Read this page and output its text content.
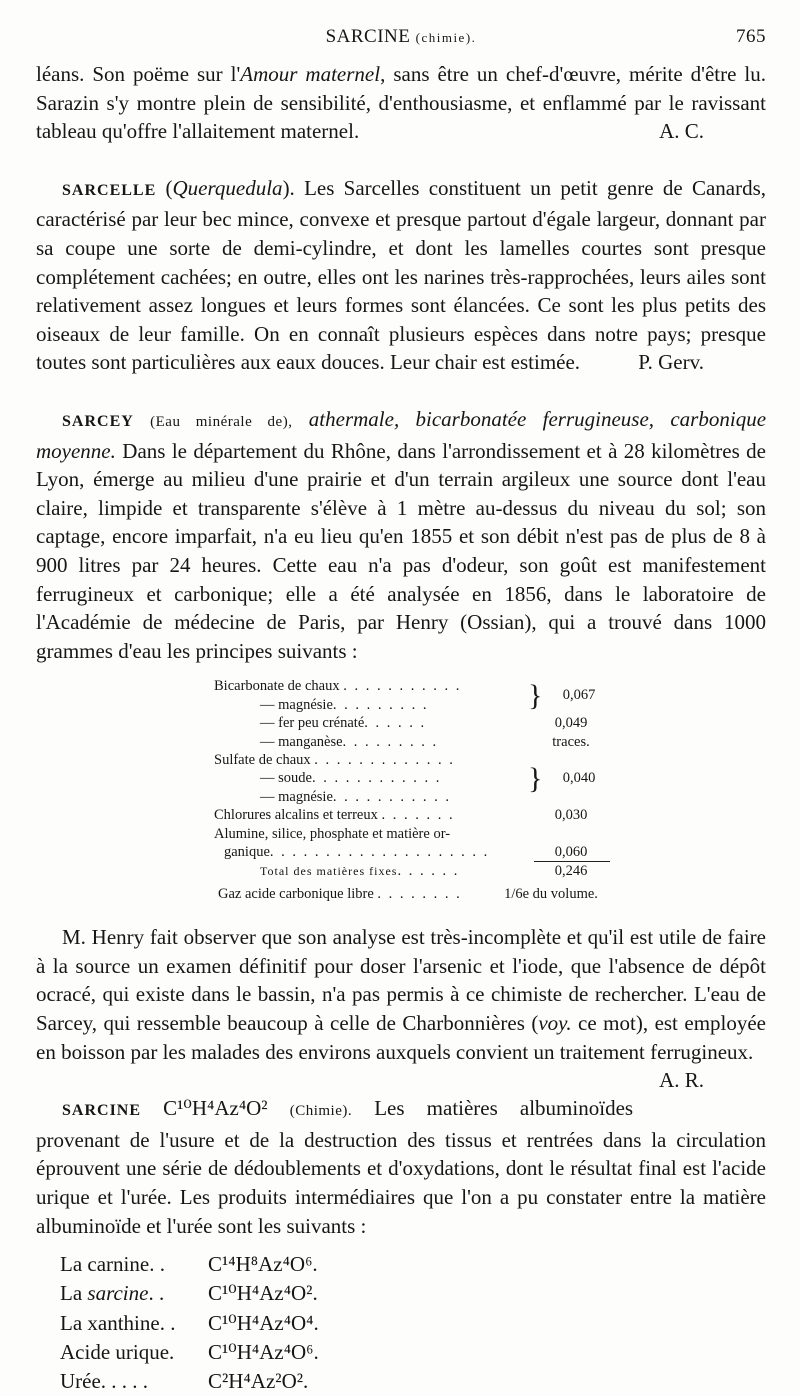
SARCINE (chimie).	765

léans. Son poëme sur l'Amour maternel, sans être un chef-d'œuvre, mérite d'être lu. Sarazin s'y montre plein de sensibilité, d'enthousiasme, et enflammé par le ravissant tableau qu'offre l'allaitement maternel.	A. C.

SARCELLE (Querquedula). Les Sarcelles constituent un petit genre de Canards, caractérisé par leur bec mince, convexe et presque partout d'égale largeur, donnant par sa coupe une sorte de demi-cylindre, et dont les lamelles courtes sont presque complétement cachées; en outre, elles ont les narines très-rapprochées, leurs ailes sont relativement assez longues et leurs formes sont élancées. Ce sont les plus petits des oiseaux de leur famille. On en connaît plusieurs espèces dans notre pays; presque toutes sont particulières aux eaux douces. Leur chair est estimée.	P. Gerv.

SARCEY (Eau minérale de), athermale, bicarbonatée ferrugineuse, carbonique moyenne. Dans le département du Rhône, dans l'arrondissement et à 28 kilomètres de Lyon, émerge au milieu d'une prairie et d'un terrain argileux une source dont l'eau claire, limpide et transparente s'élève à 1 mètre au-dessus du niveau du sol; son captage, encore imparfait, n'a eu lieu qu'en 1855 et son débit n'est pas de plus de 8 à 900 litres par 24 heures. Cette eau n'a pas d'odeur, son goût est manifestement ferrugineux et carbonique; elle a été analysée en 1856, dans le laboratoire de l'Académie de médecine de Paris, par Henry (Ossian), qui a trouvé dans 1000 grammes d'eau les principes suivants :

Bicarbonate de chaux . . . . . . . . . . .
— magnésie. . . . . . . . .	}	0,067
— fer peu crénaté. . . . . .	0,049
— manganèse. . . . . . . . .	traces.
Sulfate de chaux . . . . . . . . . . . . .
— soude. . . . . . . . . . . .
— magnésie. . . . . . . . . . .
}	0,040
Chlorures alcalins et terreux . . . . . . .	0,030
Alumine, silice, phosphate et matière or-
ganique. . . . . . . . . . . . . . . . . . . .	0,060
Total des matières fixes. . . . . .	0,246
Gaz acide carbonique libre . . . . . . . .	1/6e du volume.

M. Henry fait observer que son analyse est très-incomplète et qu'il est utile de faire à la source un examen définitif pour doser l'arsenic et l'iode, que l'absence de dépôt ocracé, qui existe dans le bassin, n'a pas permis à ce chimiste de rechercher. L'eau de Sarcey, qui ressemble beaucoup à celle de Charbonnières (voy. ce mot), est employée en boisson par les malades des environs auxquels convient un traitement ferrugineux.
A. R.

SARCINE C¹⁰H⁴Az⁴O² (Chimie). Les matières albuminoïdes provenant de l'usure et de la destruction des tissus et rentrées dans la circulation éprouvent une série de dédoublements et d'oxydations, dont le résultat final est l'acide urique et l'urée. Les produits intermédiaires que l'on a pu constater entre la matière albuminoïde et l'urée sont les suivants :

La carnine. .	C¹⁴H⁸Az⁴O⁶.
La sarcine. .	C¹⁰H⁴Az⁴O².
La xanthine. .	C¹⁰H⁴Az⁴O⁴.
Acide urique.	C¹⁰H⁴Az⁴O⁶.
Urée. . . . .	C²H⁴Az²O².
